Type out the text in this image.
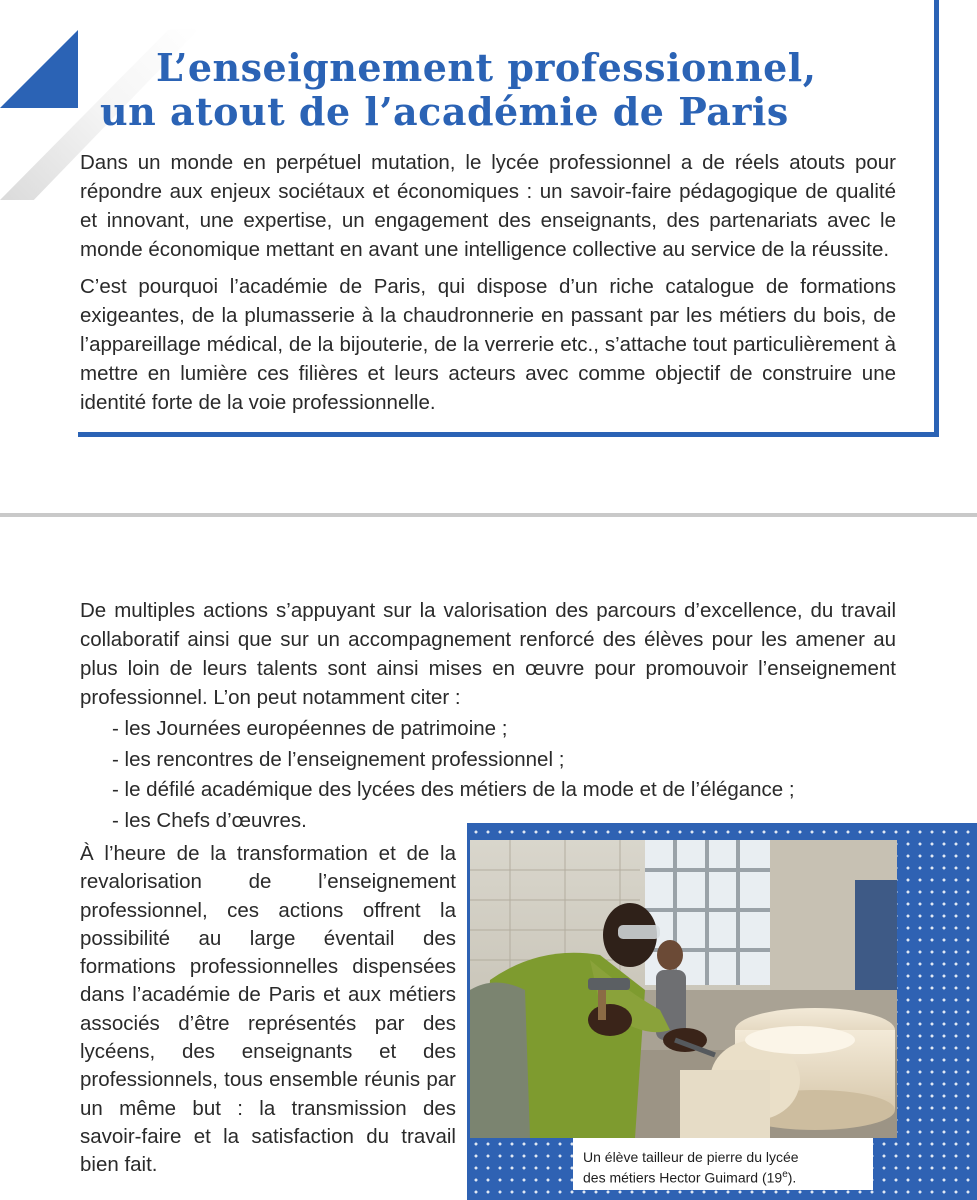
L’enseignement professionnel,
un atout de l’académie de Paris

Dans un monde en perpétuel mutation, le lycée professionnel a de réels atouts pour répondre aux enjeux sociétaux et économiques : un savoir-faire pédagogique de qualité et innovant, une expertise, un engagement des enseignants, des partenariats avec le monde économique mettant en avant une intelligence collective au service de la réussite.

C’est pourquoi l’académie de Paris, qui dispose d’un riche catalogue de formations exigeantes, de la plumasserie à la chaudronnerie en passant par les métiers du bois, de l’appareillage médical, de la bijouterie, de la verrerie etc., s’attache tout particulièrement à mettre en lumière ces filières et leurs acteurs avec comme objectif de construire une identité forte de la voie professionnelle.

De multiples actions s’appuyant sur la valorisation des parcours d’excellence, du travail collaboratif ainsi que sur un accompagnement renforcé des élèves pour les amener au plus loin de leurs talents sont ainsi mises en œuvre pour promouvoir l’enseignement professionnel. L’on peut notamment citer :

- les Journées européennes de patrimoine ;
- les rencontres de l’enseignement professionnel ;
- le défilé académique des lycées des métiers de la mode et de l’élégance ;
- les Chefs d’œuvres.

À l’heure de la transformation et de la revalorisation de l’enseignement professionnel, ces actions offrent la possibilité au large éventail des formations professionnelles dispensées dans l’académie de Paris et aux métiers associés d’être représentés par des lycéens, des enseignants et des professionnels, tous ensemble réunis par un même but : la transmission des savoir-faire et la satisfaction du travail bien fait.	Un élève tailleur de pierre du lycée
des métiers Hector Guimard (19e).
